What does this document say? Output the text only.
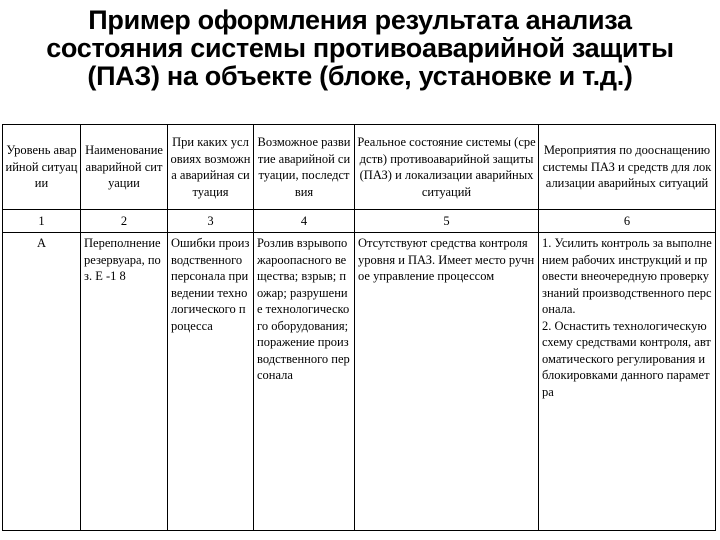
Пример оформления результата анализа
состояния системы противоаварийной защиты
(ПАЗ) на объекте (блоке, установке и т.д.)
Уровень аварийной ситуации	Наименование аварийной ситуации	При каких условиях возможна аварийная ситуация	Возможное развитие аварийной ситуации, последствия	Реальное состояние системы (средств) противоаварийной защиты (ПАЗ) и локализации аварийных ситуаций	Мероприятия по дооснащению системы ПАЗ и средств для локализации аварийных ситуаций
1	2	3	4	5	6
А	Переполнение резервуара, поз. Е -1 8	Ошибки производственного персонала при ведении технологического процесса	Розлив взрывопожароопасного вещества; взрыв; пожар; разрушение технологического оборудования; поражение производственного персонала	Отсутствуют средства контроля уровня и ПАЗ. Имеет место ручное управление процессом	1. Усилить контроль за выполнением рабочих инструкций и провести внеочередную проверку знаний производственного персонала.
2. Оснастить технологическую схему средствами контроля, автоматического регулирования и блокировками данного параметра
